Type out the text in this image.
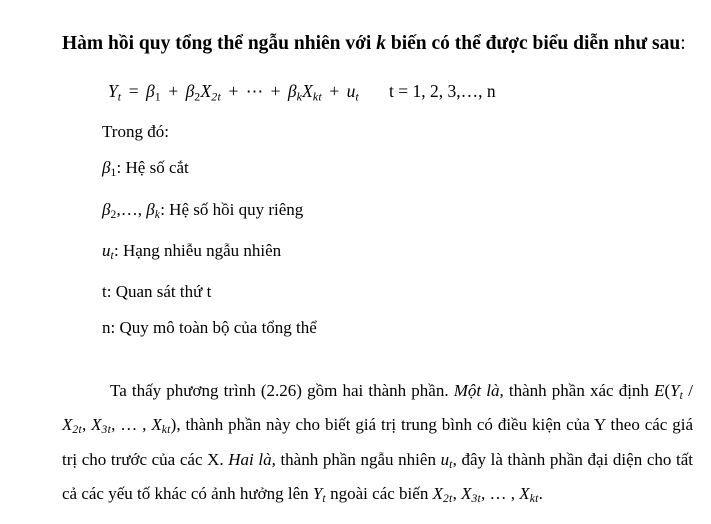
Hàm hồi quy tổng thể ngẫu nhiên với k biến có thể được biểu diễn như sau:

$Yt = \beta_1 + \beta_2X2t$ + ⋯ + βkXkt + ut t = 1, 2, 3,…, n

Trong đó:

$\beta_1$: Hệ số cắt

$\beta_2,\dots$, βk: Hệ số hồi quy riêng

ut: Hạng nhiễu ngẫu nhiên

t: Quan sát thứ t

n: Quy mô toàn bộ của tổng thể

Ta thấy phương trình (2.26) gồm hai thành phần. Một là, thành phần xác định E(Yt / X2t, X3t, … , Xkt), thành phần này cho biết giá trị trung bình có điều kiện của Y theo các giá trị cho trước của các X. Hai là, thành phần ngẫu nhiên ut, đây là thành phần đại diện cho tất cả các yếu tố khác có ảnh hưởng lên Yt ngoài các biến X2t, X3t, … , Xkt.
